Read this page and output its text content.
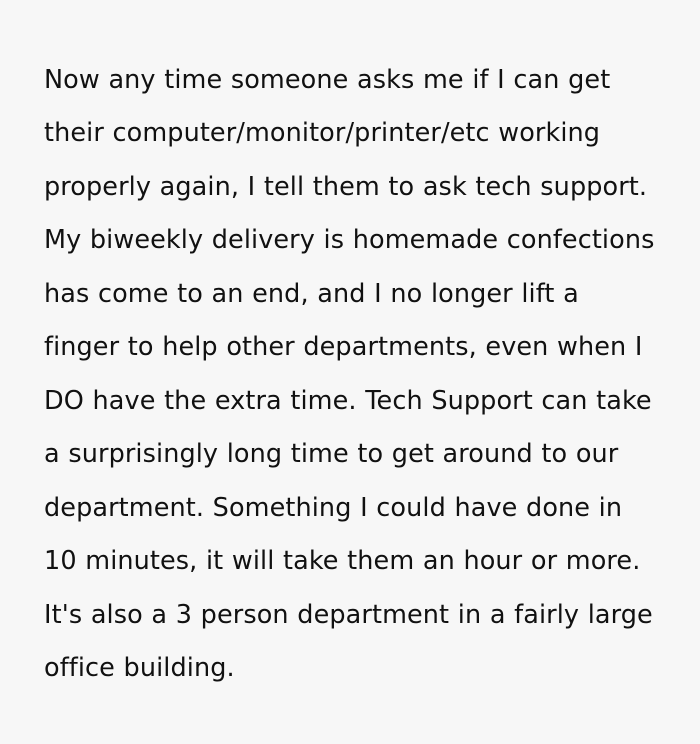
Now any time someone asks me if I can get their computer/monitor/printer/etc working properly again, I tell them to ask tech support. My biweekly delivery is homemade confections has come to an end, and I no longer lift a finger to help other departments, even when I DO have the extra time. Tech Support can take a surprisingly long time to get around to our department. Something I could have done in 10 minutes, it will take them an hour or more. It's also a 3 person department in a fairly large office building.
